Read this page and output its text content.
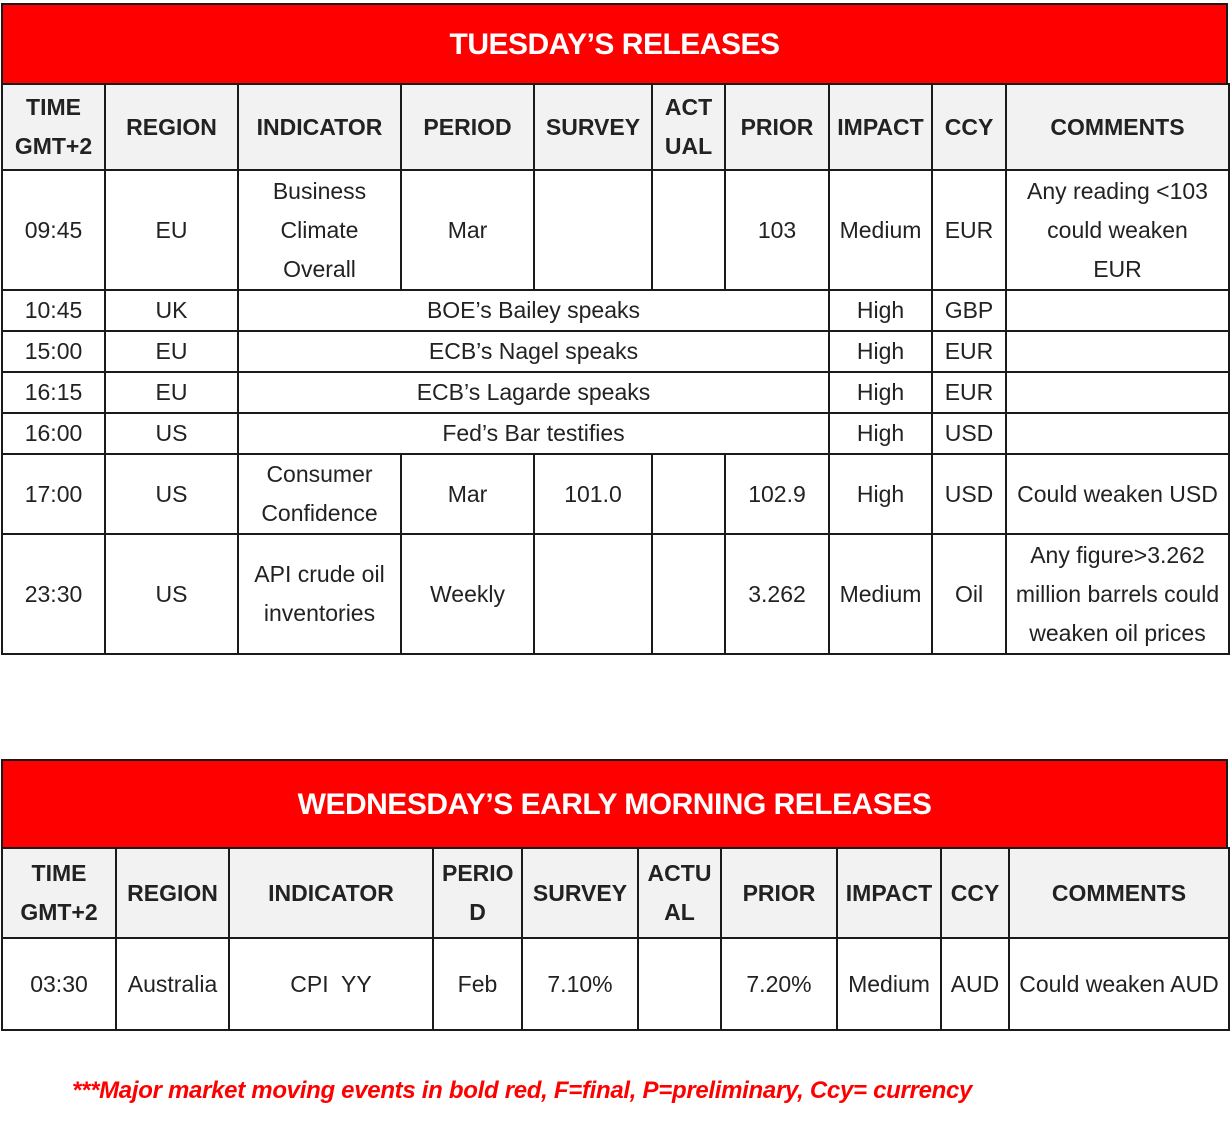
TUESDAY’S RELEASES
TIME GMT+2	REGION	INDICATOR	PERIOD	SURVEY	ACT UAL	PRIOR	IMPACT	CCY	COMMENTS
09:45	EU	Business Climate Overall	Mar			103	Medium	EUR	Any reading <103 could weaken EUR
10:45	UK	BOE’s Bailey speaks					High	GBP	
15:00	EU	ECB’s Nagel speaks					High	EUR	
16:15	EU	ECB’s Lagarde speaks					High	EUR	
16:00	US	Fed’s Bar testifies					High	USD	
17:00	US	Consumer Confidence	Mar	101.0		102.9	High	USD	Could weaken USD
23:30	US	API crude oil inventories	Weekly			3.262	Medium	Oil	Any figure>3.262 million barrels could weaken oil prices
WEDNESDAY’S EARLY MORNING RELEASES
TIME GMT+2	REGION	INDICATOR	PERIO D	SURVEY	ACTU AL	PRIOR	IMPACT	CCY	COMMENTS
03:30	Australia	CPI  YY	Feb	7.10%		7.20%	Medium	AUD	Could weaken AUD
***Major market moving events in bold red, F=final, P=preliminary, Ccy= currency
